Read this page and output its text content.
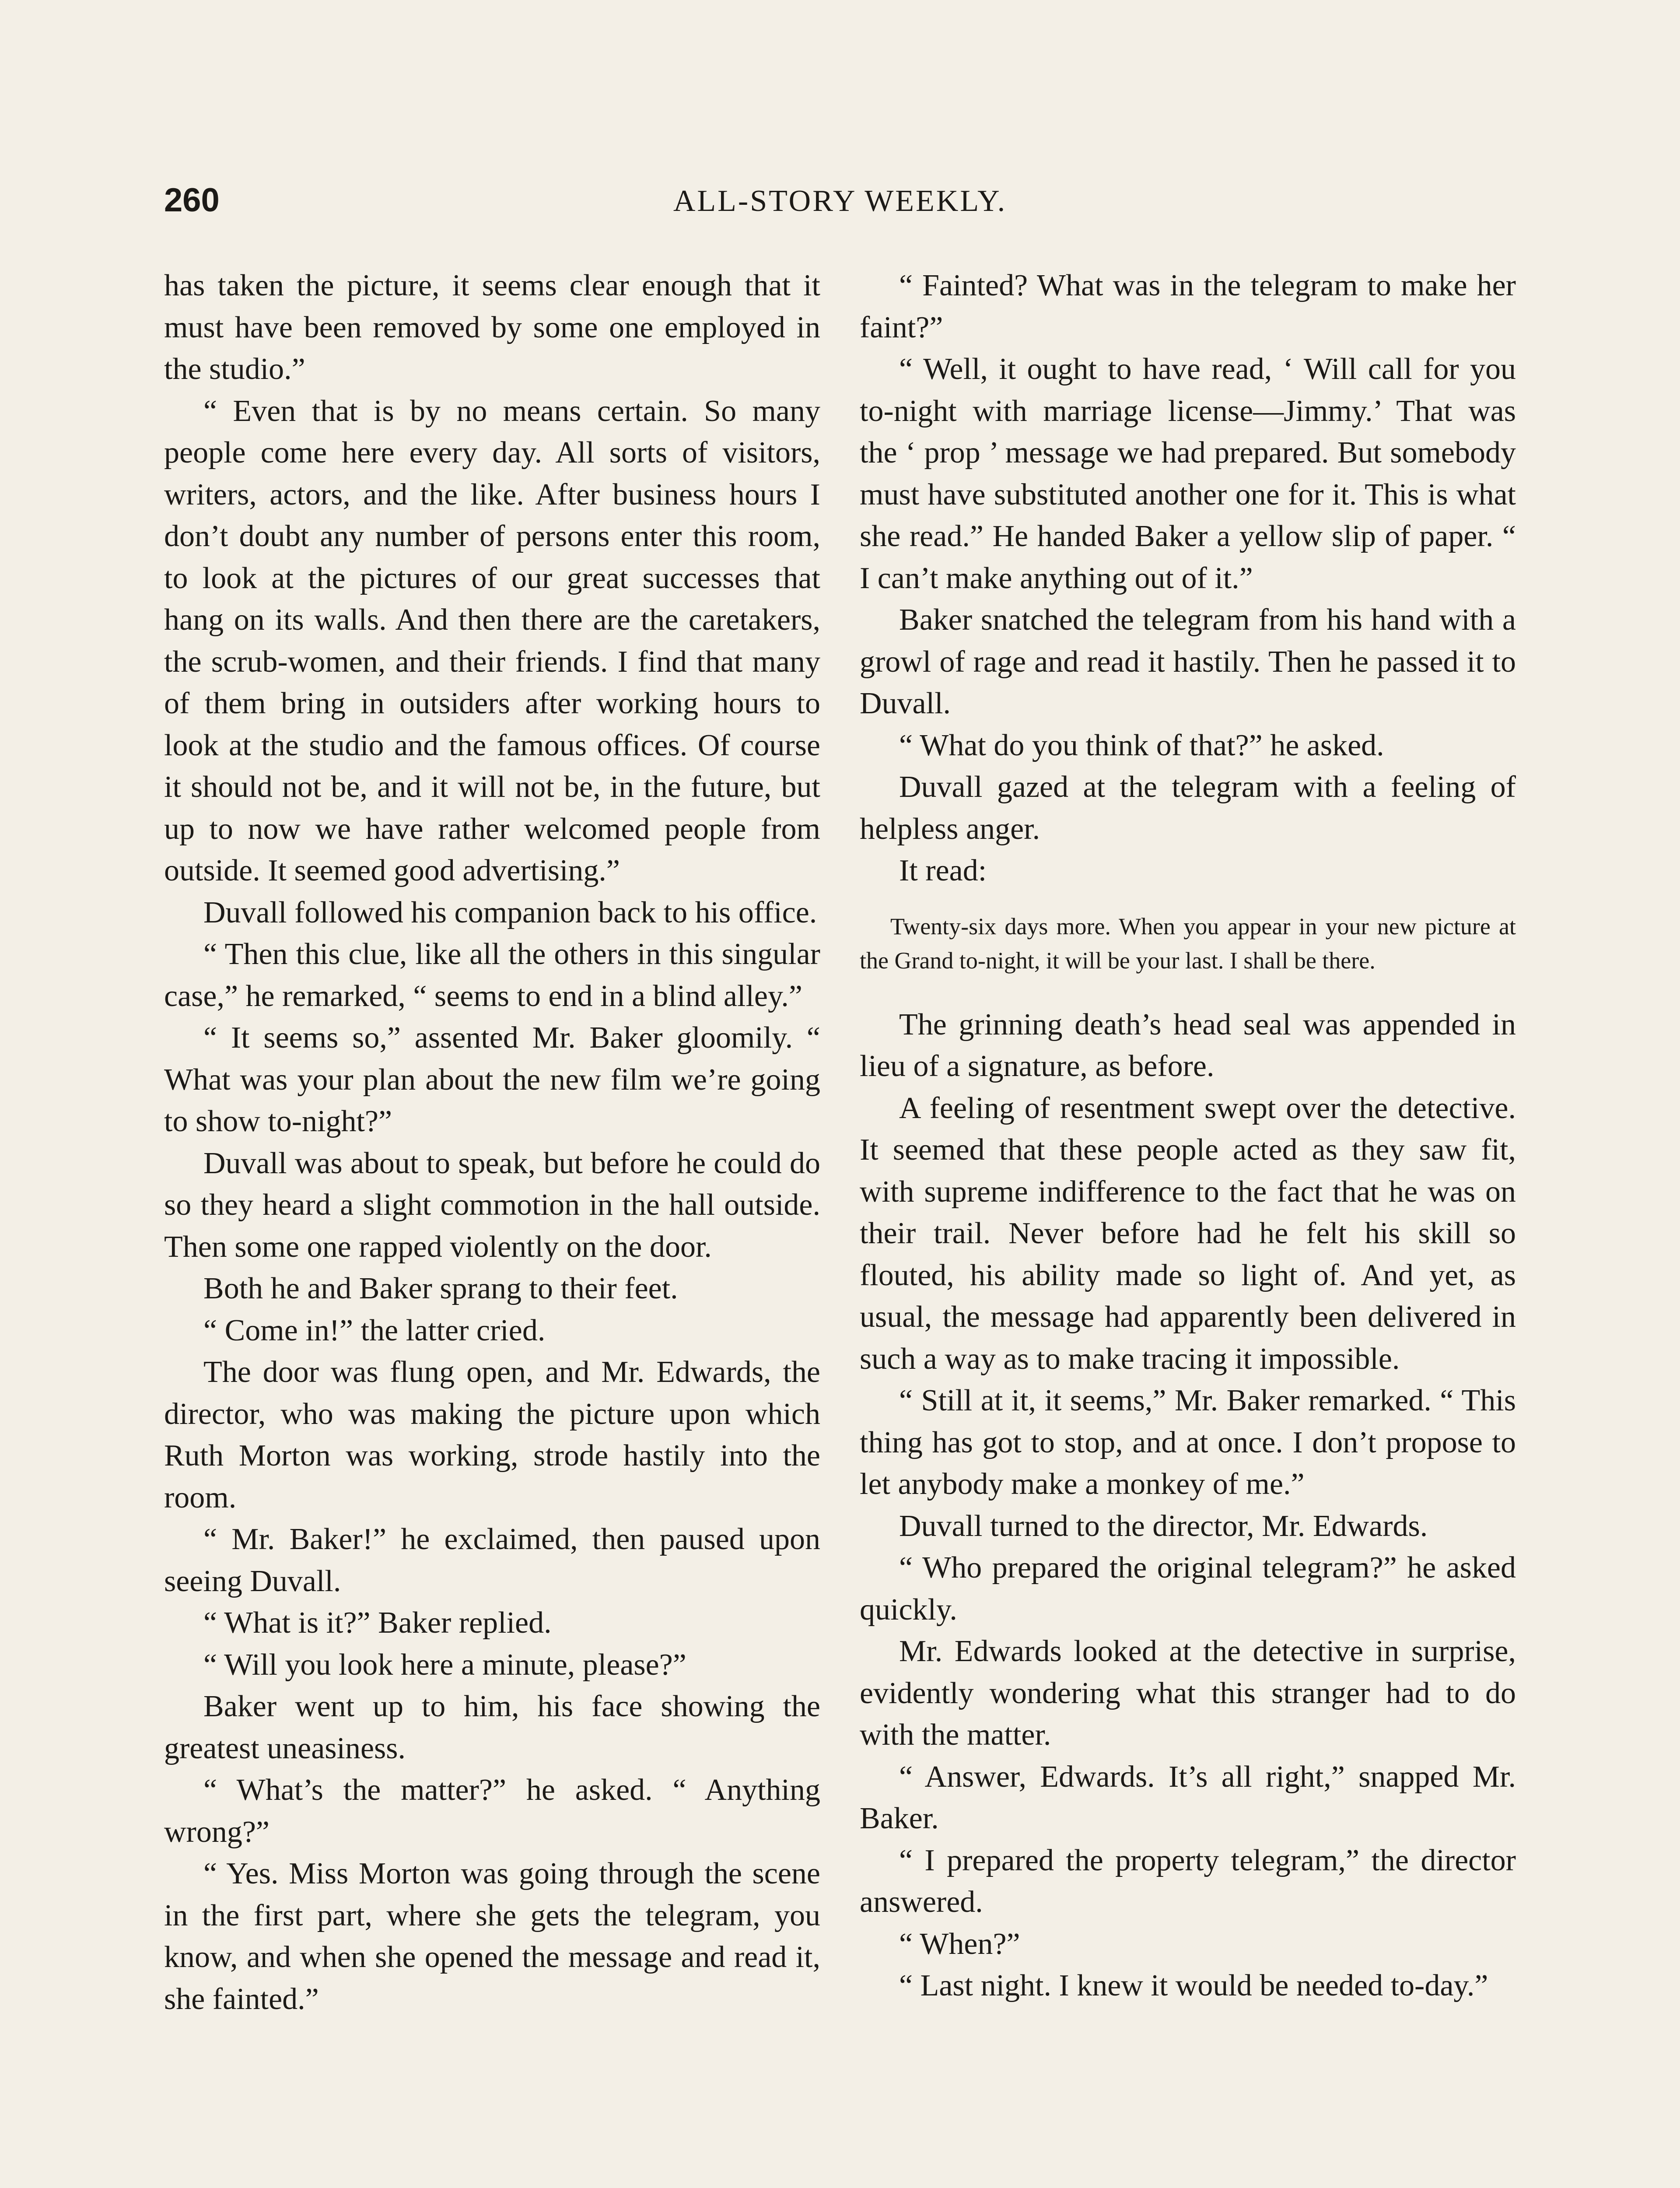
260	ALL-STORY WEEKLY.

has taken the picture, it seems clear enough that it must have been removed by some one employed in the studio.”

“ Even that is by no means certain. So many people come here every day. All sorts of visitors, writers, actors, and the like. After business hours I don’t doubt any number of persons enter this room, to look at the pictures of our great successes that hang on its walls. And then there are the caretakers, the scrub-women, and their friends. I find that many of them bring in outsiders after working hours to look at the studio and the famous offices. Of course it should not be, and it will not be, in the future, but up to now we have rather welcomed people from outside. It seemed good advertising.”

Duvall followed his companion back to his office.

“ Then this clue, like all the others in this singular case,” he remarked, “ seems to end in a blind alley.”

“ It seems so,” assented Mr. Baker gloomily. “ What was your plan about the new film we’re going to show to-night?”

Duvall was about to speak, but before he could do so they heard a slight commotion in the hall outside. Then some one rapped violently on the door.

Both he and Baker sprang to their feet.

“ Come in!” the latter cried.

The door was flung open, and Mr. Edwards, the director, who was making the picture upon which Ruth Morton was working, strode hastily into the room.

“ Mr. Baker!” he exclaimed, then paused upon seeing Duvall.

“ What is it?” Baker replied.

“ Will you look here a minute, please?”

Baker went up to him, his face showing the greatest uneasiness.

“ What’s the matter?” he asked. “ Anything wrong?”

“ Yes. Miss Morton was going through the scene in the first part, where she gets the telegram, you know, and when she opened the message and read it, she fainted.”

“ Fainted? What was in the telegram to make her faint?”

“ Well, it ought to have read, ‘ Will call for you to-night with marriage license—Jimmy.’ That was the ‘ prop ’ message we had prepared. But somebody must have substituted another one for it. This is what she read.” He handed Baker a yellow slip of paper. “ I can’t make anything out of it.”

Baker snatched the telegram from his hand with a growl of rage and read it hastily. Then he passed it to Duvall.

“ What do you think of that?” he asked.

Duvall gazed at the telegram with a feeling of helpless anger.

It read:

Twenty-six days more. When you appear in your new picture at the Grand to-night, it will be your last. I shall be there.

The grinning death’s head seal was appended in lieu of a signature, as before.

A feeling of resentment swept over the detective. It seemed that these people acted as they saw fit, with supreme indifference to the fact that he was on their trail. Never before had he felt his skill so flouted, his ability made so light of. And yet, as usual, the message had apparently been delivered in such a way as to make tracing it impossible.

“ Still at it, it seems,” Mr. Baker remarked. “ This thing has got to stop, and at once. I don’t propose to let anybody make a monkey of me.”

Duvall turned to the director, Mr. Edwards.

“ Who prepared the original telegram?” he asked quickly.

Mr. Edwards looked at the detective in surprise, evidently wondering what this stranger had to do with the matter.

“ Answer, Edwards. It’s all right,” snapped Mr. Baker.

“ I prepared the property telegram,” the director answered.

“ When?”

“ Last night. I knew it would be needed to-day.”
